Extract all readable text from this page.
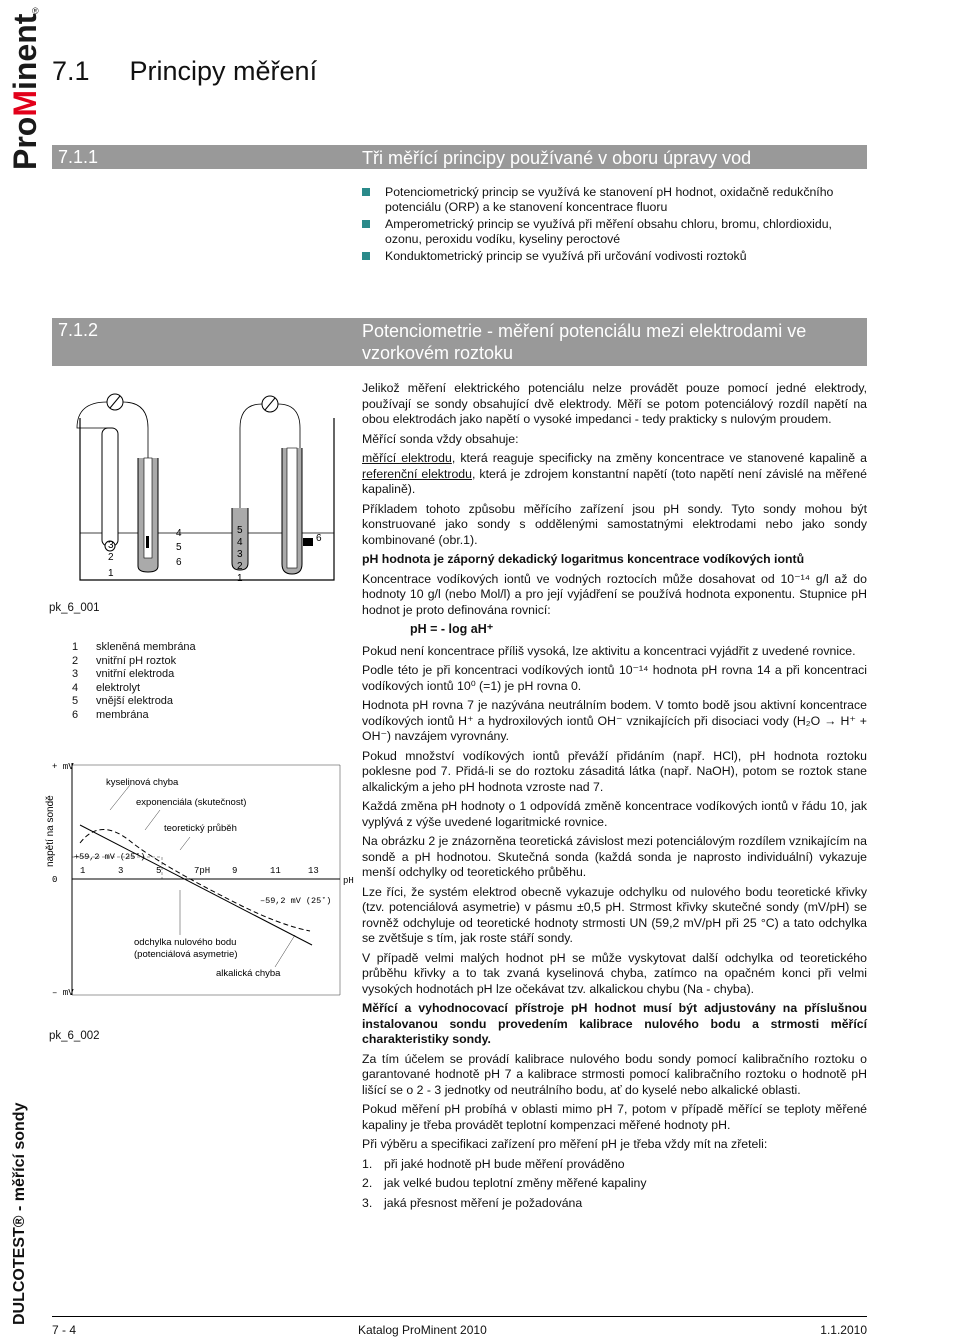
ProMinent
®
DULCOTEST® - měřící sondy
7.1 Principy měření
7.1.1	Tři měřící principy používané v oboru úpravy vod
Potenciometrický princip se využívá ke stanovení pH hodnot, oxidačně redukčního potenciálu (ORP) a ke stanovení koncentrace fluoru
Amperometrický princip se využívá při měření obsahu chloru, bromu, chlordioxidu, ozonu, peroxidu vodíku, kyseliny peroctové
Konduktometrický princip se využívá při určování vodivosti roztoků
7.1.2	Potenciometrie - měření potenciálu mezi elektrodami ve
vzorkovém roztoku
3
2
1
4
5
6
5
4
3
2
1
6
pk_6_001
1 skleněná membrána
2 vnitřní pH roztok
3 vnitřní elektroda
4 elektrolyt
5 vnější elektroda
6 membrána
+ mV
– mV
0
napětí na sondě
pH
1	3	5	7pH 9	11	13
+59,2 mV (25˚)
–59,2 mV (25˚)
kyselinová chyba
exponenciála (skutečnost)
teoretický průběh
odchylka nulového bodu
(potenciálová asymetrie)
alkalická chyba
pk_6_002

Jelikož měření elektrického potenciálu nelze provádět pouze pomocí jedné elektrody, používají se sondy obsahující dvě elektrody. Měří se potom potenciálový rozdíl napětí na obou elektrodách jako napětí o vysoké impedanci - tedy prakticky s nulovým proudem.

Měřící sonda vždy obsahuje:

měřící elektrodu, která reaguje specificky na změny koncentrace ve stanovené kapalině a referenční elektrodu, která je zdrojem konstantní napětí (toto napětí není závislé na měřené kapalině).

Příkladem tohoto způsobu měřícího zařízení jsou pH sondy. Tyto sondy mohou být konstruované jako sondy s oddělenými samostatnými elektrodami nebo jako sondy kombinované (obr.1).

pH hodnota je záporný dekadický logaritmus koncentrace vodíkových iontů

Koncentrace vodíkových iontů ve vodných roztocích může dosahovat od 10⁻¹⁴ g/l až do hodnoty 10 g/l (nebo Mol/l) a pro její vyjádření se používá hodnota exponentu. Stupnice pH hodnot je proto definována rovnicí:

pH = - log aH⁺

Pokud není koncentrace příliš vysoká, lze aktivitu a koncentraci vyjádřit z uvedené rovnice.

Podle této je při koncentraci vodíkových iontů 10⁻¹⁴ hodnota pH rovna 14 a při koncentraci vodíkových iontů 10⁰ (=1) je pH rovna 0.

Hodnota pH rovna 7 je nazývána neutrálním bodem. V tomto bodě jsou aktivní koncentrace vodíkových iontů H⁺ a hydroxilových iontů OH⁻ vznikajících při disociaci vody (H₂O → H⁺ + OH⁻) navzájem vyrovnány.

Pokud množství vodíkových iontů převáží přidáním (např. HCl), pH hodnota roztoku poklesne pod 7. Přidá-li se do roztoku zásaditá látka (např. NaOH), potom se roztok stane alkalickým a jeho pH hodnota vzroste nad 7.

Každá změna pH hodnoty o 1 odpovídá změně koncentrace vodíkových iontů v řádu 10, jak vyplývá z výše uvedené logaritmické rovnice.

Na obrázku 2 je znázorněna teoretická závislost mezi potenciálovým rozdílem vznikajícím na sondě a pH hodnotou. Skutečná sonda (každá sonda je naprosto individuální) vykazuje menší odchylky od teoretického průběhu.

Lze říci, že systém elektrod obecně vykazuje odchylku od nulového bodu teoretické křivky (tzv. potenciálová asymetrie) v pásmu ±0,5 pH. Strmost křivky skutečné sondy (mV/pH) se rovněž odchyluje od teoretické hodnoty strmosti UN (59,2 mV/pH při 25 °C) a tato odchylka se zvětšuje s tím, jak roste stáří sondy.

V případě velmi malých hodnot pH se může vyskytovat další odchylka od teoretického průběhu křivky a to tak zvaná kyselinová chyba, zatímco na opačném konci při velmi vysokých hodnotách pH lze očekávat tzv. alkalickou chybu (Na - chyba).

Měřící a vyhodnocovací přístroje pH hodnot musí být adjustovány na příslušnou instalovanou sondu provedením kalibrace nulového bodu a strmosti měřící charakteristiky sondy.

Za tím účelem se provádí kalibrace nulového bodu sondy pomocí kalibračního roztoku o garantované hodnotě pH 7 a kalibrace strmosti pomocí kalibračního roztoku o hodnotě pH lišící se o 2 - 3 jednotky od neutrálního bodu, ať do kyselé nebo alkalické oblasti.

Pokud měření pH probíhá v oblasti mimo pH 7, potom v případě měřící se teploty měřené kapaliny je třeba provádět teplotní kompenzaci měřené hodnoty pH.

Při výběru a specifikaci zařízení pro měření pH je třeba vždy mít na zřeteli:

1. při jaké hodnotě pH bude měření prováděno
2. jak velké budou teplotní změny měřené kapaliny
3. jaká přesnost měření je požadována
7 - 4	Katalog ProMinent 2010	1.1.2010
